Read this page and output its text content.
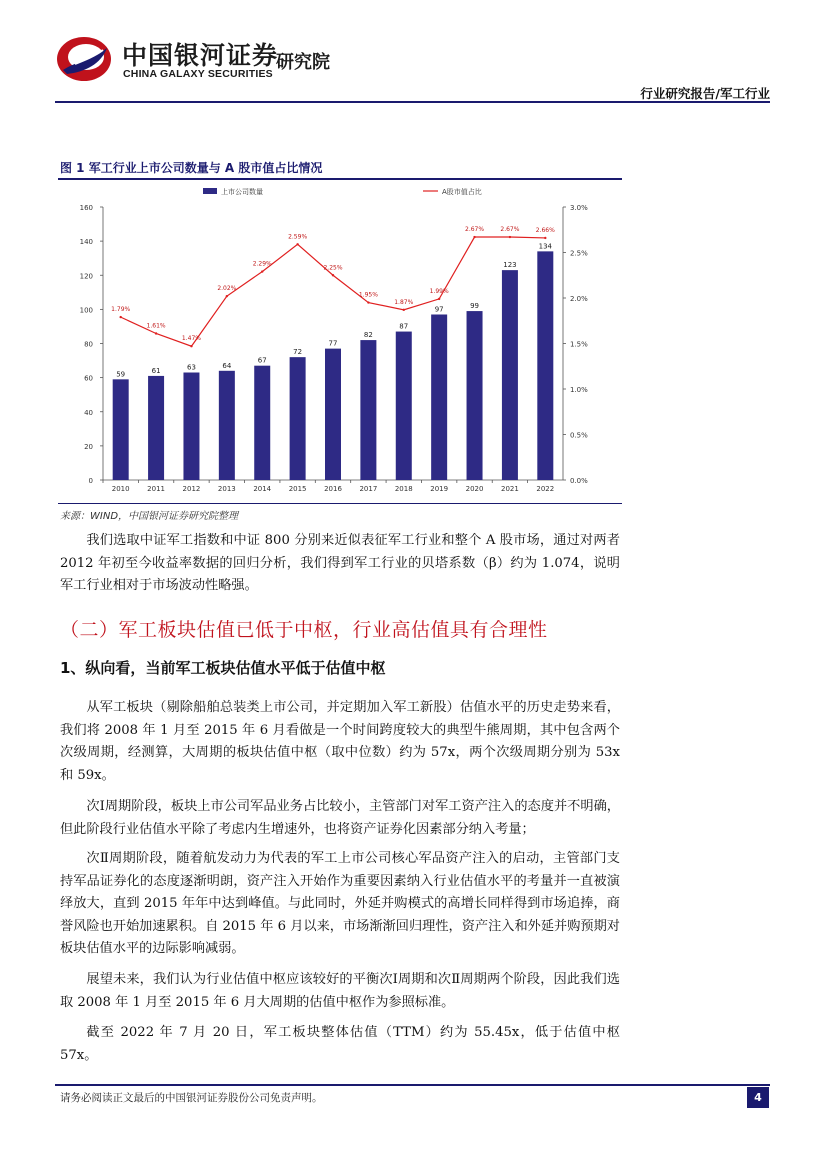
中国银河证券
CHINA GALAXY SECURITIES
研究院
行业研究报告/军工行业
图 1 军工行业上市公司数量与 A 股市值占比情况
0
20
40
60
80
100
120
140
160
0.0%
0.5%
1.0%
1.5%
2.0%
2.5%
3.0%
2010	2011	2012	2013	2014	2015	2016	2017	2018	2019	2020	2021	2022
59	61	63	64
67
72
77
82
87
97	99
123
134
1.79%
1.61%
1.47%
2.02%
2.29%
2.59%
2.25%
1.95%
1.87%
1.99%
2.67%	2.67%	2.66%
上市公司数量	A股市值占比
来源：WIND，中国银河证券研究院整理
我们选取中证军工指数和中证 800 分别来近似表征军工行业和整个 A 股市场，通过对两者 2012 年初至今收益率数据的回归分析，我们得到军工行业的贝塔系数（β）约为 1.074，说明军工行业相对于市场波动性略强。
（二）军工板块估值已低于中枢，行业高估值具有合理性
1、纵向看，当前军工板块估值水平低于估值中枢
从军工板块（剔除船舶总装类上市公司，并定期加入军工新股）估值水平的历史走势来看，我们将 2008 年 1 月至 2015 年 6 月看做是一个时间跨度较大的典型牛熊周期，其中包含两个次级周期，经测算，大周期的板块估值中枢（取中位数）约为 57x，两个次级周期分别为 53x 和 59x。
次Ⅰ周期阶段，板块上市公司军品业务占比较小，主管部门对军工资产注入的态度并不明确，但此阶段行业估值水平除了考虑内生增速外，也将资产证券化因素部分纳入考量；
次Ⅱ周期阶段，随着航发动力为代表的军工上市公司核心军品资产注入的启动，主管部门支持军品证券化的态度逐渐明朗，资产注入开始作为重要因素纳入行业估值水平的考量并一直被演绎放大，直到 2015 年年中达到峰值。与此同时，外延并购模式的高增长同样得到市场追捧，商誉风险也开始加速累积。自 2015 年 6 月以来，市场渐渐回归理性，资产注入和外延并购预期对板块估值水平的边际影响减弱。
展望未来，我们认为行业估值中枢应该较好的平衡次Ⅰ周期和次Ⅱ周期两个阶段，因此我们选取 2008 年 1 月至 2015 年 6 月大周期的估值中枢作为参照标准。
截至 2022 年 7 月 20 日，军工板块整体估值（TTM）约为 55.45x，低于估值中枢 57x。
请务必阅读正文最后的中国银河证券股份公司免责声明。	4
